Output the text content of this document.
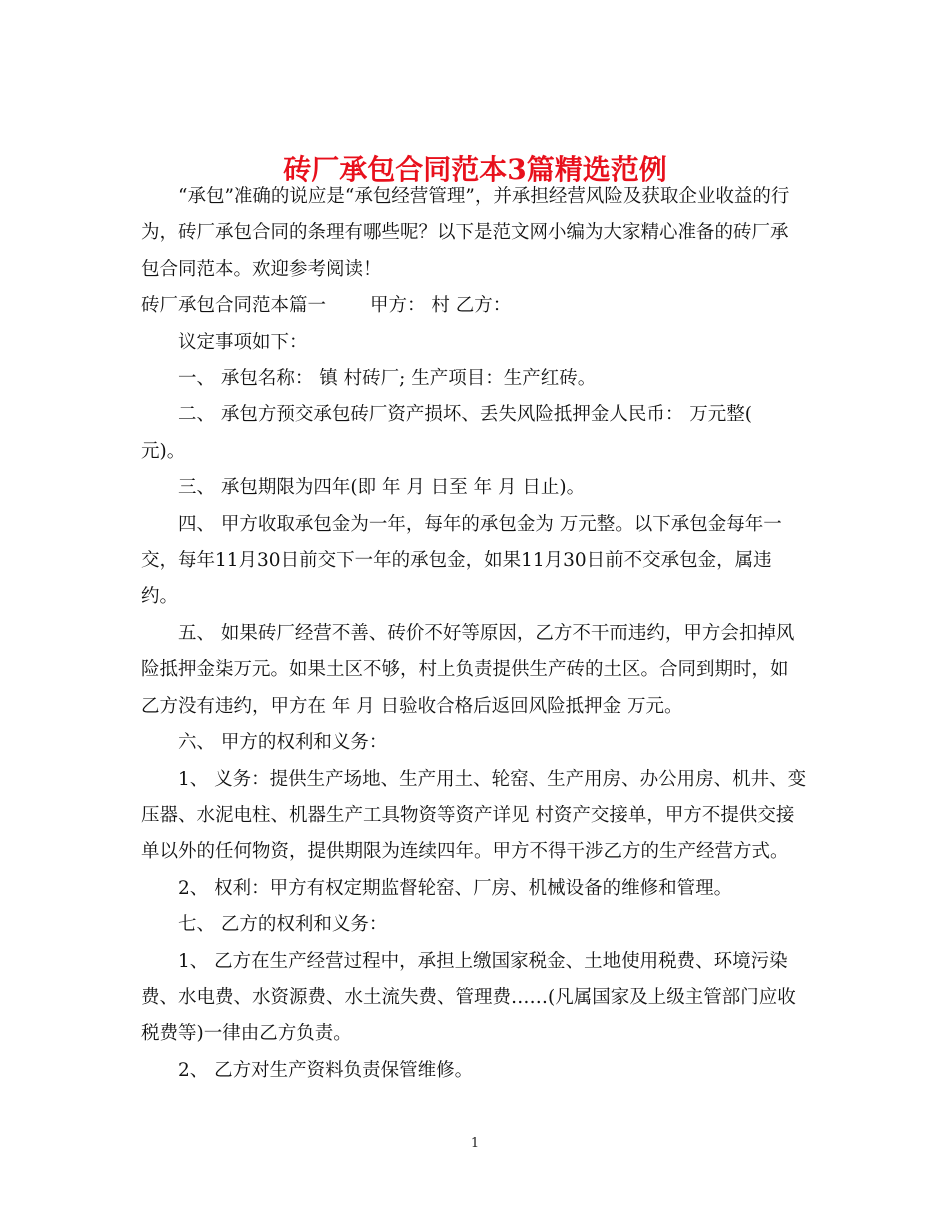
砖厂承包合同范本3篇精选范例

“承包”准确的说应是“承包经营管理”，并承担经营风险及获取企业收益的行

为，砖厂承包合同的条理有哪些呢？以下是范文网小编为大家精心准备的砖厂承

包合同范本。欢迎参考阅读！

砖厂承包合同范本篇一 甲方： 村 乙方：

议定事项如下：

一、 承包名称： 镇 村砖厂; 生产项目：生产红砖。

二、 承包方预交承包砖厂资产损坏、丢失风险抵押金人民币： 万元整(

元)。

三、 承包期限为四年(即 年 月 日至 年 月 日止)。

四、 甲方收取承包金为一年，每年的承包金为 万元整。以下承包金每年一

交，每年11月30日前交下一年的承包金，如果11月30日前不交承包金，属违

约。

五、 如果砖厂经营不善、砖价不好等原因，乙方不干而违约，甲方会扣掉风

险抵押金柒万元。如果土区不够，村上负责提供生产砖的土区。合同到期时，如

乙方没有违约，甲方在 年 月 日验收合格后返回风险抵押金 万元。

六、 甲方的权利和义务：

1、 义务：提供生产场地、生产用土、轮窑、生产用房、办公用房、机井、变

压器、水泥电柱、机器生产工具物资等资产详见 村资产交接单，甲方不提供交接

单以外的任何物资，提供期限为连续四年。甲方不得干涉乙方的生产经营方式。

2、 权利：甲方有权定期监督轮窑、厂房、机械设备的维修和管理。

七、 乙方的权利和义务：

1、 乙方在生产经营过程中，承担上缴国家税金、土地使用税费、环境污染

费、水电费、水资源费、水土流失费、管理费……(凡属国家及上级主管部门应收

税费等)一律由乙方负责。

2、 乙方对生产资料负责保管维修。

1
